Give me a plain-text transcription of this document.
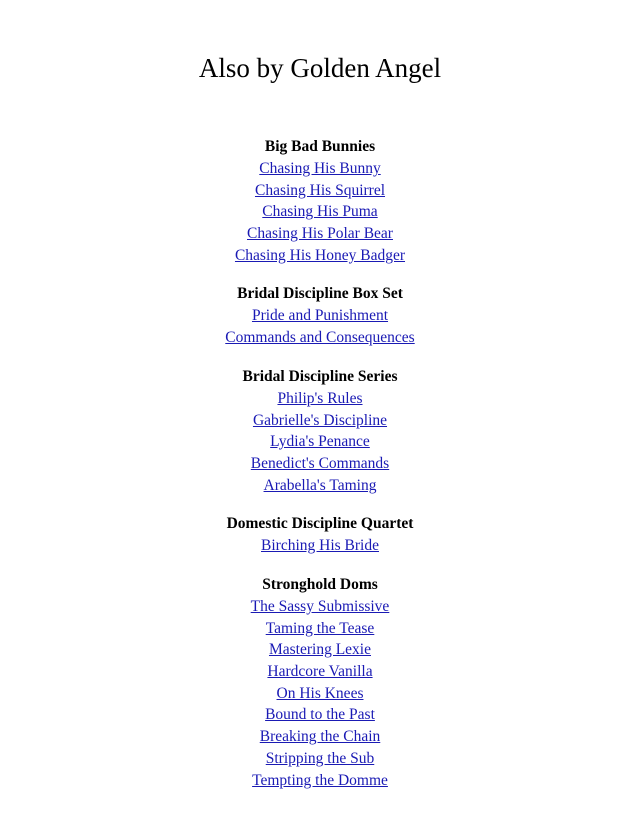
Also by Golden Angel
Big Bad Bunnies
Chasing His Bunny
Chasing His Squirrel
Chasing His Puma
Chasing His Polar Bear
Chasing His Honey Badger
Bridal Discipline Box Set
Pride and Punishment
Commands and Consequences
Bridal Discipline Series
Philip's Rules
Gabrielle's Discipline
Lydia's Penance
Benedict's Commands
Arabella's Taming
Domestic Discipline Quartet
Birching His Bride
Stronghold Doms
The Sassy Submissive
Taming the Tease
Mastering Lexie
Hardcore Vanilla
On His Knees
Bound to the Past
Breaking the Chain
Stripping the Sub
Tempting the Domme
